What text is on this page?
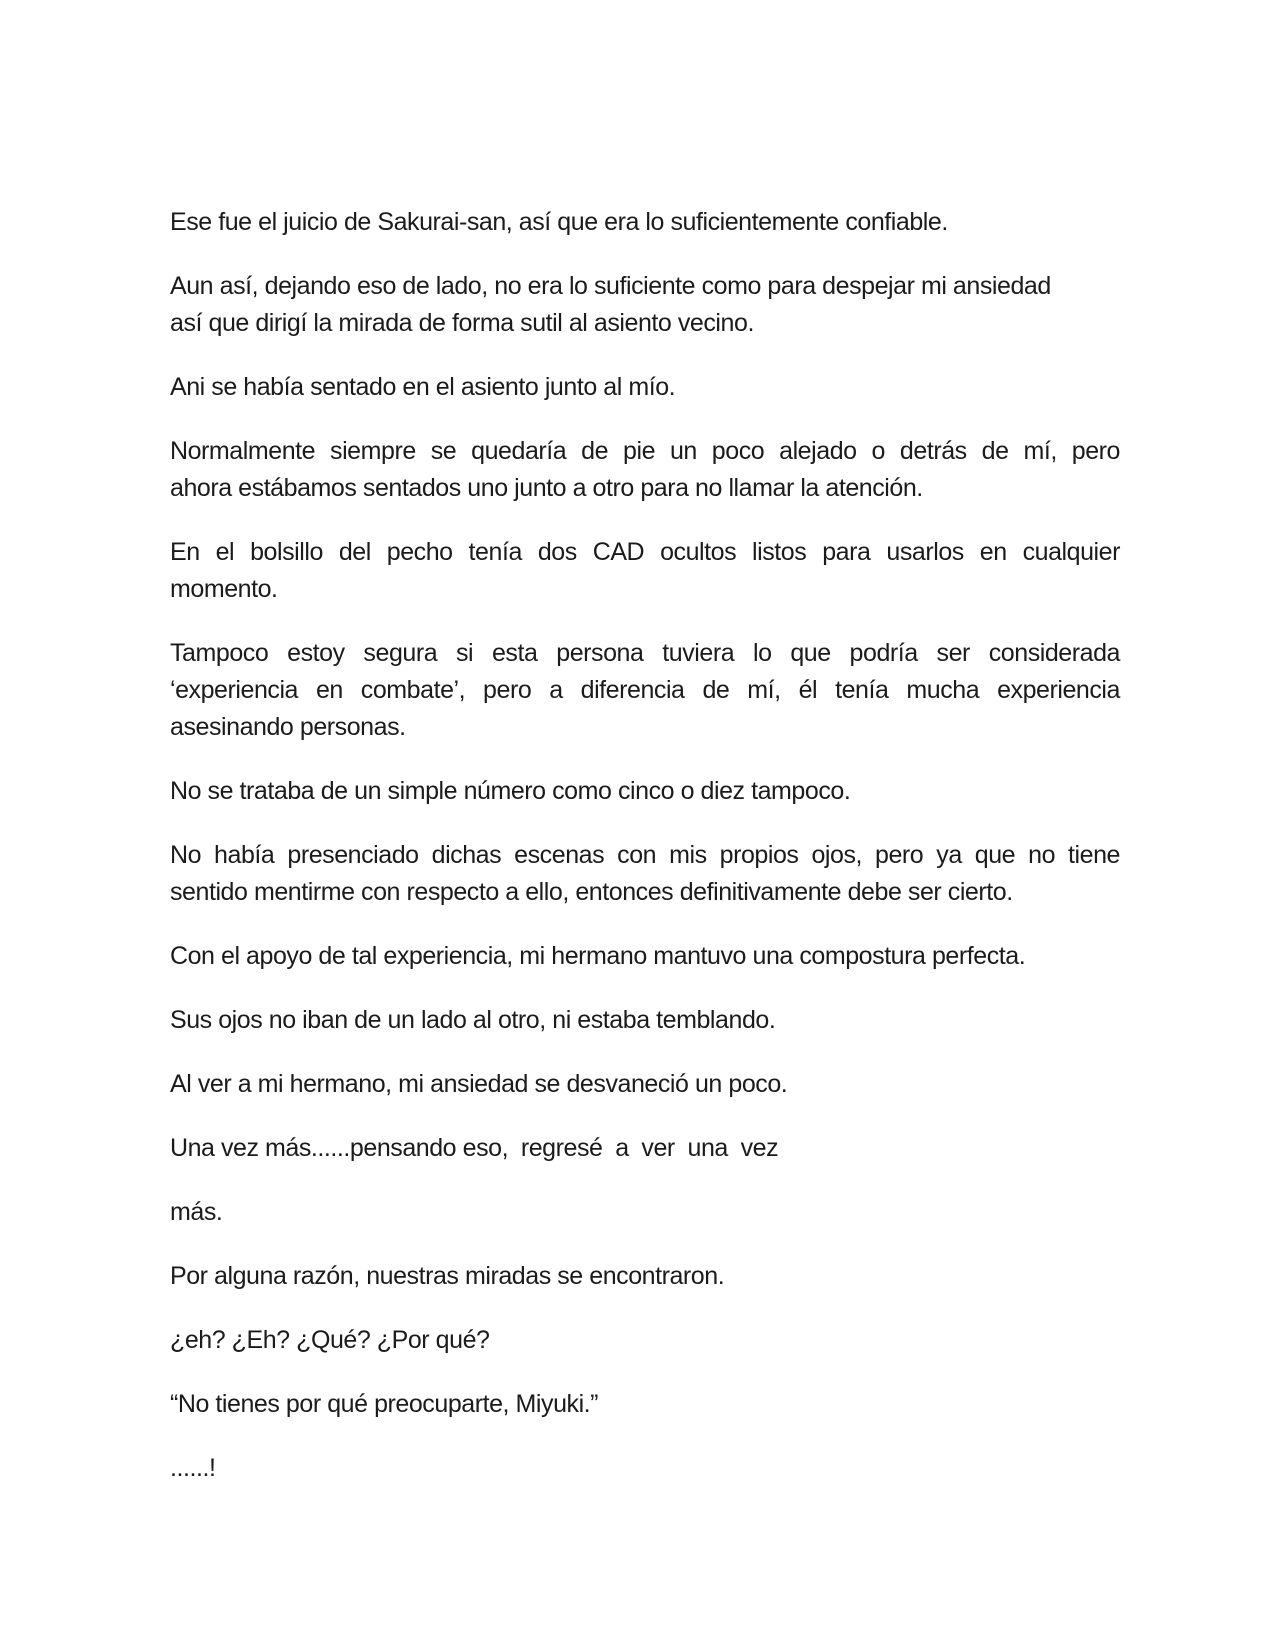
Ese fue el juicio de Sakurai-san, así que era lo suficientemente confiable.

Aun así, dejando eso de lado, no era lo suficiente como para despejar mi ansiedad
así que dirigí la mirada de forma sutil al asiento vecino.

Ani se había sentado en el asiento junto al mío.

Normalmente siempre se quedaría de pie un poco alejado o detrás de mí, pero
ahora estábamos sentados uno junto a otro para no llamar la atención.

En el bolsillo del pecho tenía dos CAD ocultos listos para usarlos en cualquier
momento.

Tampoco estoy segura si esta persona tuviera lo que podría ser considerada
‘experiencia en combate’, pero a diferencia de mí, él tenía mucha experiencia
asesinando personas.

No se trataba de un simple número como cinco o diez tampoco.

No había presenciado dichas escenas con mis propios ojos, pero ya que no tiene
sentido mentirme con respecto a ello, entonces definitivamente debe ser cierto.

Con el apoyo de tal experiencia, mi hermano mantuvo una compostura perfecta.

Sus ojos no iban de un lado al otro, ni estaba temblando.

Al ver a mi hermano, mi ansiedad se desvaneció un poco.

Una vez más......pensando eso, regresé a ver una vez

más.

Por alguna razón, nuestras miradas se encontraron.

¿eh? ¿Eh? ¿Qué? ¿Por qué?

“No tienes por qué preocuparte, Miyuki.”

......!
